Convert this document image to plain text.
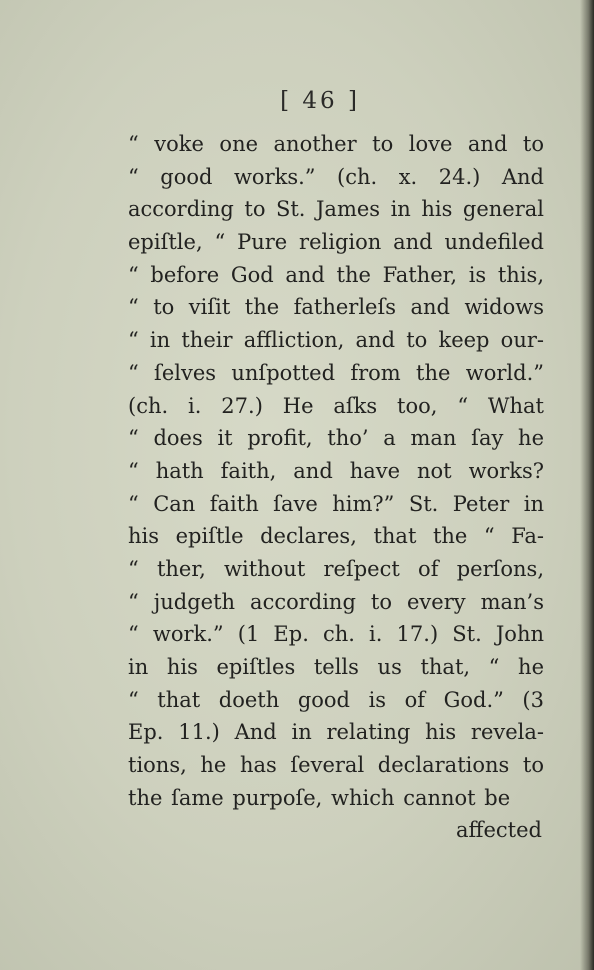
[ 46 ]
“ voke one another to love and to
“ good works.” (ch. x. 24.) And
according to St. James in his general
epiſtle, “ Pure religion and undefiled
“ before God and the Father, is this,
“ to viſit the fatherleſs and widows
“ in their affliction, and to keep our-
“ ſelves unſpotted from the world.”
(ch. i. 27.) He aſks too, “ What
“ does it profit, tho’ a man ſay he
“ hath faith, and have not works?
“ Can faith ſave him?” St. Peter in
his epiſtle declares, that the “ Fa-
“ ther, without reſpect of perſons,
“ judgeth according to every man’s
“ work.” (1 Ep. ch. i. 17.) St. John
in his epiſtles tells us that, “ he
“ that doeth good is of God.” (3
Ep. 11.) And in relating his revela-
tions, he has ſeveral declarations to
the ſame purpoſe, which cannot be
affected
